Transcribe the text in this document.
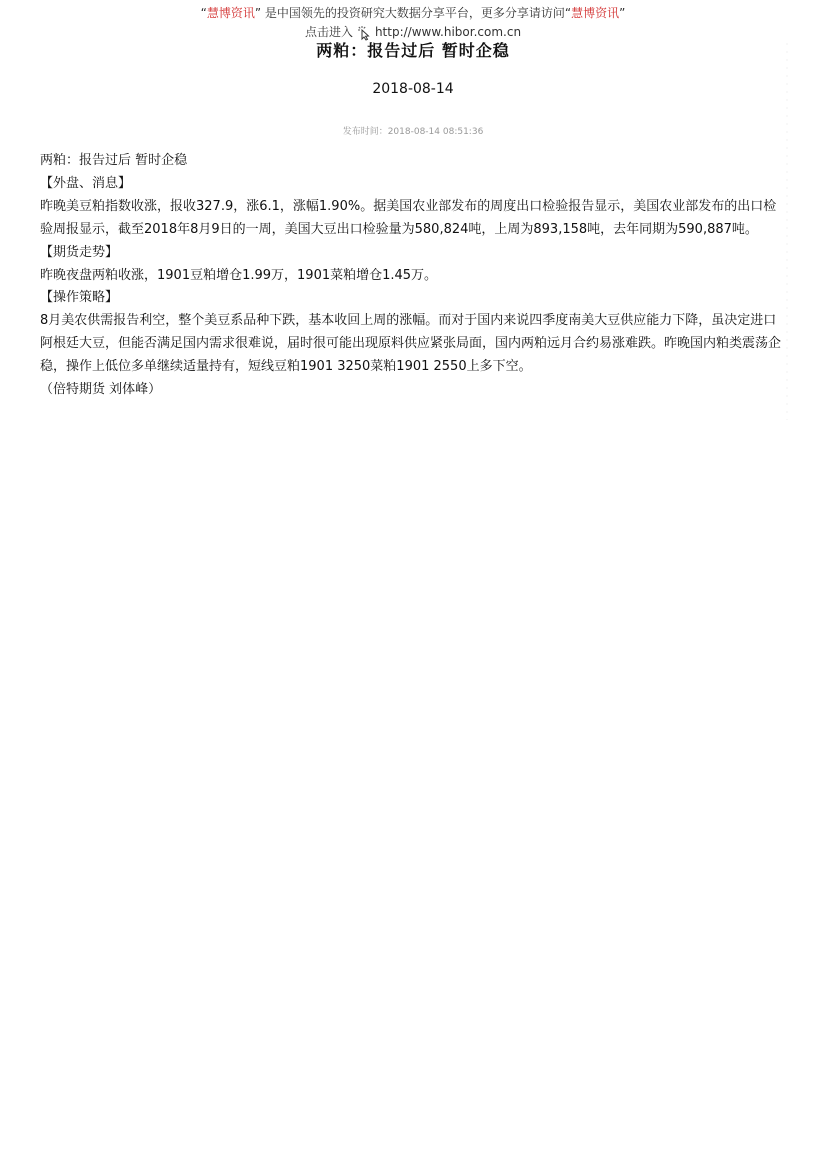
“慧博资讯” 是中国领先的投资研究大数据分享平台，更多分享请访问“慧博资讯”
点击进入 http://www.hibor.com.cn
两粕：报告过后 暂时企稳
2018-08-14
发布时间：2018-08-14 08:51:36

两粕：报告过后 暂时企稳

【外盘、消息】

昨晚美豆粕指数收涨，报收327.9，涨6.1，涨幅1.90%。据美国农业部发布的周度出口检验报告显示，美国农业部发布的出口检验周报显示，截至2018年8月9日的一周，美国大豆出口检验量为580,824吨，上周为893,158吨，去年同期为590,887吨。

【期货走势】

昨晚夜盘两粕收涨，1901豆粕增仓1.99万，1901菜粕增仓1.45万。

【操作策略】

8月美农供需报告利空，整个美豆系品种下跌，基本收回上周的涨幅。而对于国内来说四季度南美大豆供应能力下降，虽决定进口阿根廷大豆，但能否满足国内需求很难说，届时很可能出现原料供应紧张局面，国内两粕远月合约易涨难跌。昨晚国内粕类震荡企稳，操作上低位多单继续适量持有，短线豆粕1901 3250菜粕1901 2550上多下空。

（倍特期货 刘体峰）
